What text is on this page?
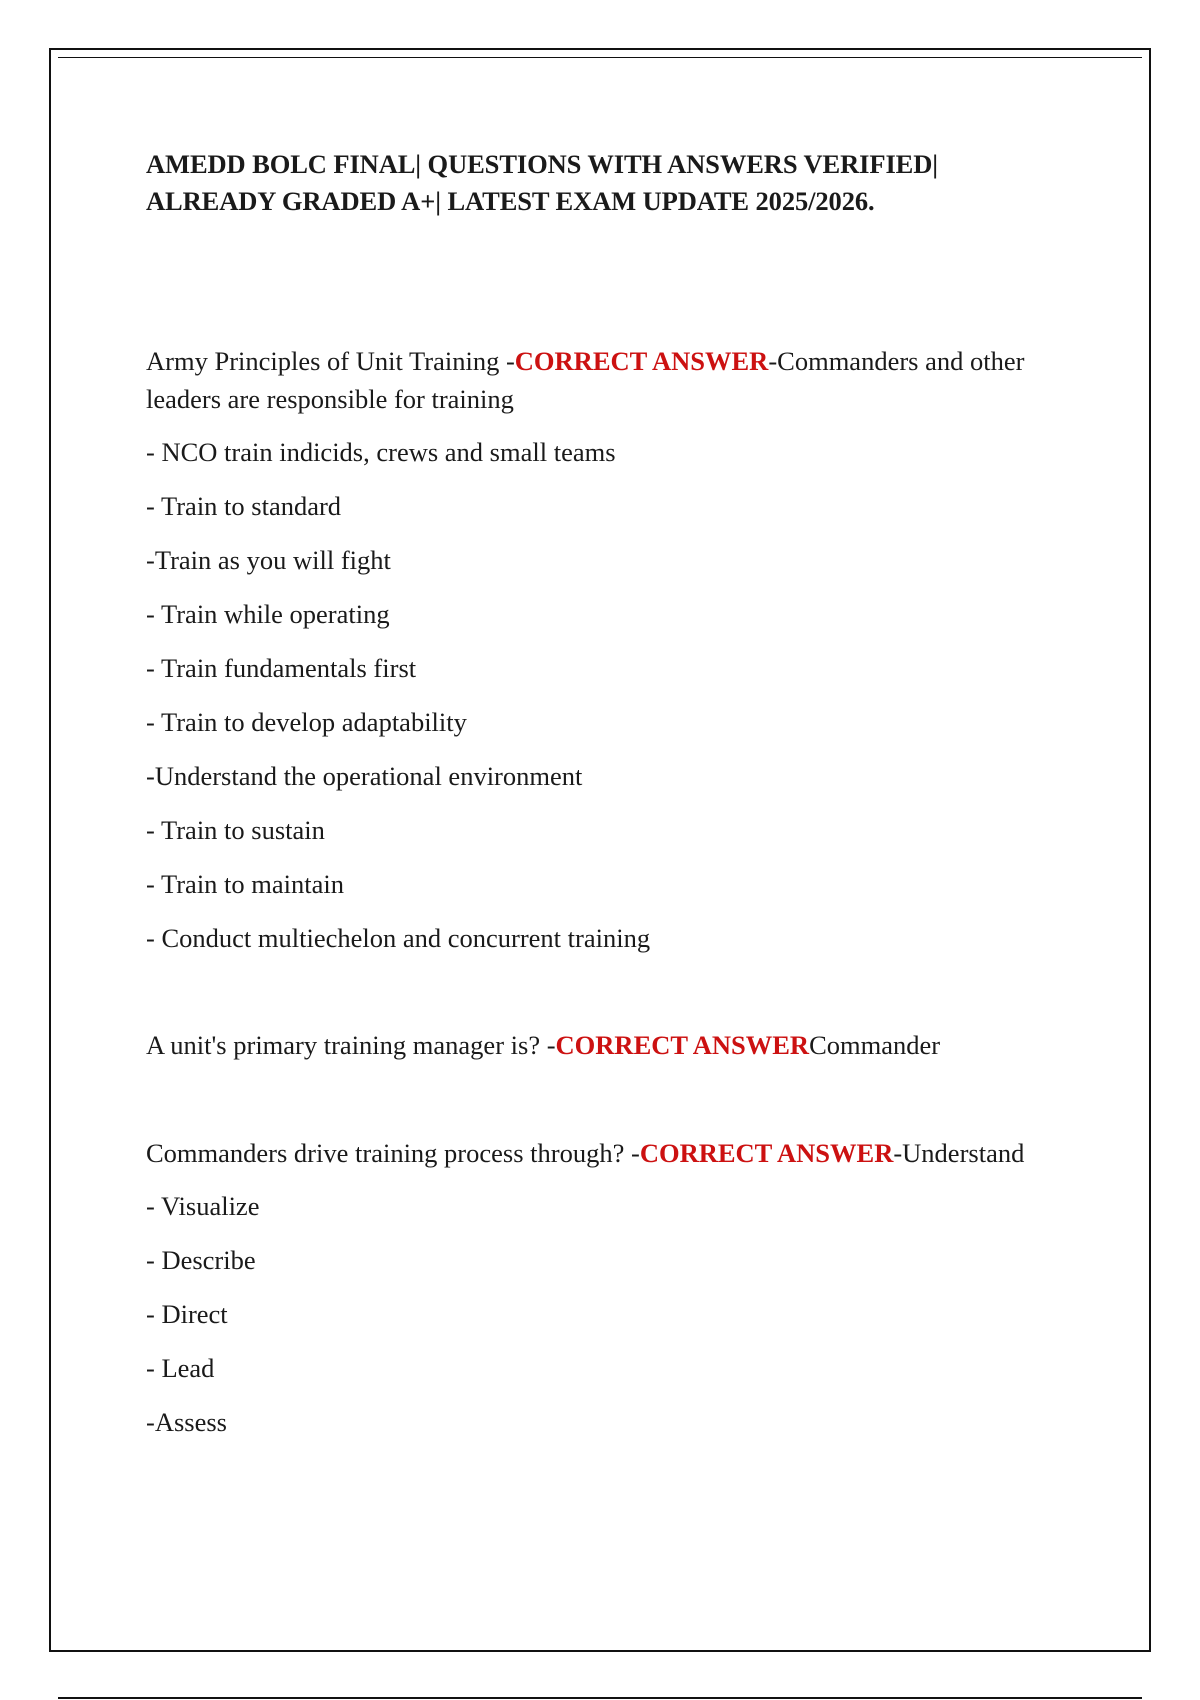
AMEDD BOLC FINAL| QUESTIONS WITH ANSWERS VERIFIED|
ALREADY GRADED A+| LATEST EXAM UPDATE 2025/2026.

Army Principles of Unit Training -CORRECT ANSWER-Commanders and other leaders are responsible for training

- NCO train indicids, crews and small teams

- Train to standard

-Train as you will fight

- Train while operating

- Train fundamentals first

- Train to develop adaptability

-Understand the operational environment

- Train to sustain

- Train to maintain

- Conduct multiechelon and concurrent training

A unit's primary training manager is? -CORRECT ANSWERCommander

Commanders drive training process through? -CORRECT ANSWER-Understand

- Visualize

- Describe

- Direct

- Lead

-Assess
